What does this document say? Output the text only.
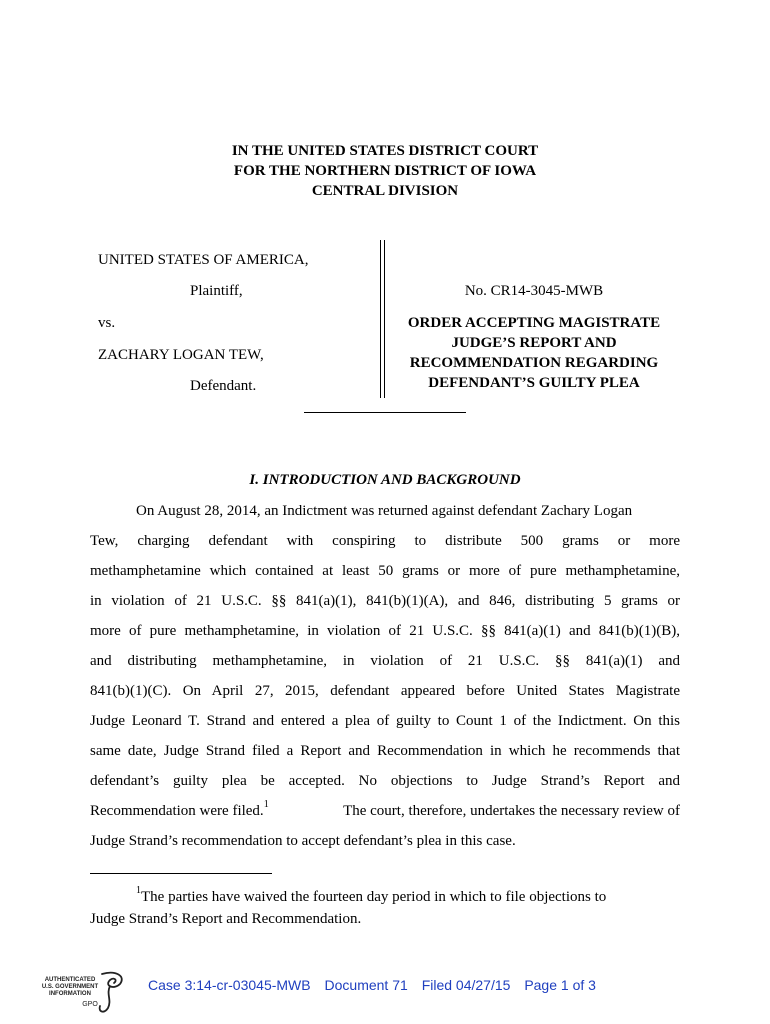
IN THE UNITED STATES DISTRICT COURT
FOR THE NORTHERN DISTRICT OF IOWA
CENTRAL DIVISION
UNITED STATES OF AMERICA,
Plaintiff,
vs.
ZACHARY LOGAN TEW,
Defendant.
No. CR14-3045-MWB
ORDER ACCEPTING MAGISTRATE
JUDGE’S REPORT AND
RECOMMENDATION REGARDING
DEFENDANT’S GUILTY PLEA
I. INTRODUCTION AND BACKGROUND
On August 28, 2014, an Indictment was returned against defendant Zachary Logan
Tew, charging defendant with conspiring to distribute 500 grams or more
methamphetamine which contained at least 50 grams or more of pure methamphetamine,
in violation of 21 U.S.C. §§ 841(a)(1), 841(b)(1)(A), and 846, distributing 5 grams or
more of pure methamphetamine, in violation of 21 U.S.C. §§ 841(a)(1) and 841(b)(1)(B),
and distributing methamphetamine, in violation of 21 U.S.C. §§ 841(a)(1) and
841(b)(1)(C). On April 27, 2015, defendant appeared before United States Magistrate
Judge Leonard T. Strand and entered a plea of guilty to Count 1 of the Indictment. On this
same date, Judge Strand filed a Report and Recommendation in which he recommends that
defendant’s guilty plea be accepted. No objections to Judge Strand’s Report and
Recommendation were filed.$^1$	The court, therefore, undertakes the necessary review of
Judge Strand’s recommendation to accept defendant’s plea in this case.
$^1$The parties have waived the fourteen day period in which to file objections to
Judge Strand’s Report and Recommendation.
AUTHENTICATED
U.S. GOVERNMENT
INFORMATION
GPO
Case 3:14-cr-03045-MWB Document 71 Filed 04/27/15 Page 1 of 3
